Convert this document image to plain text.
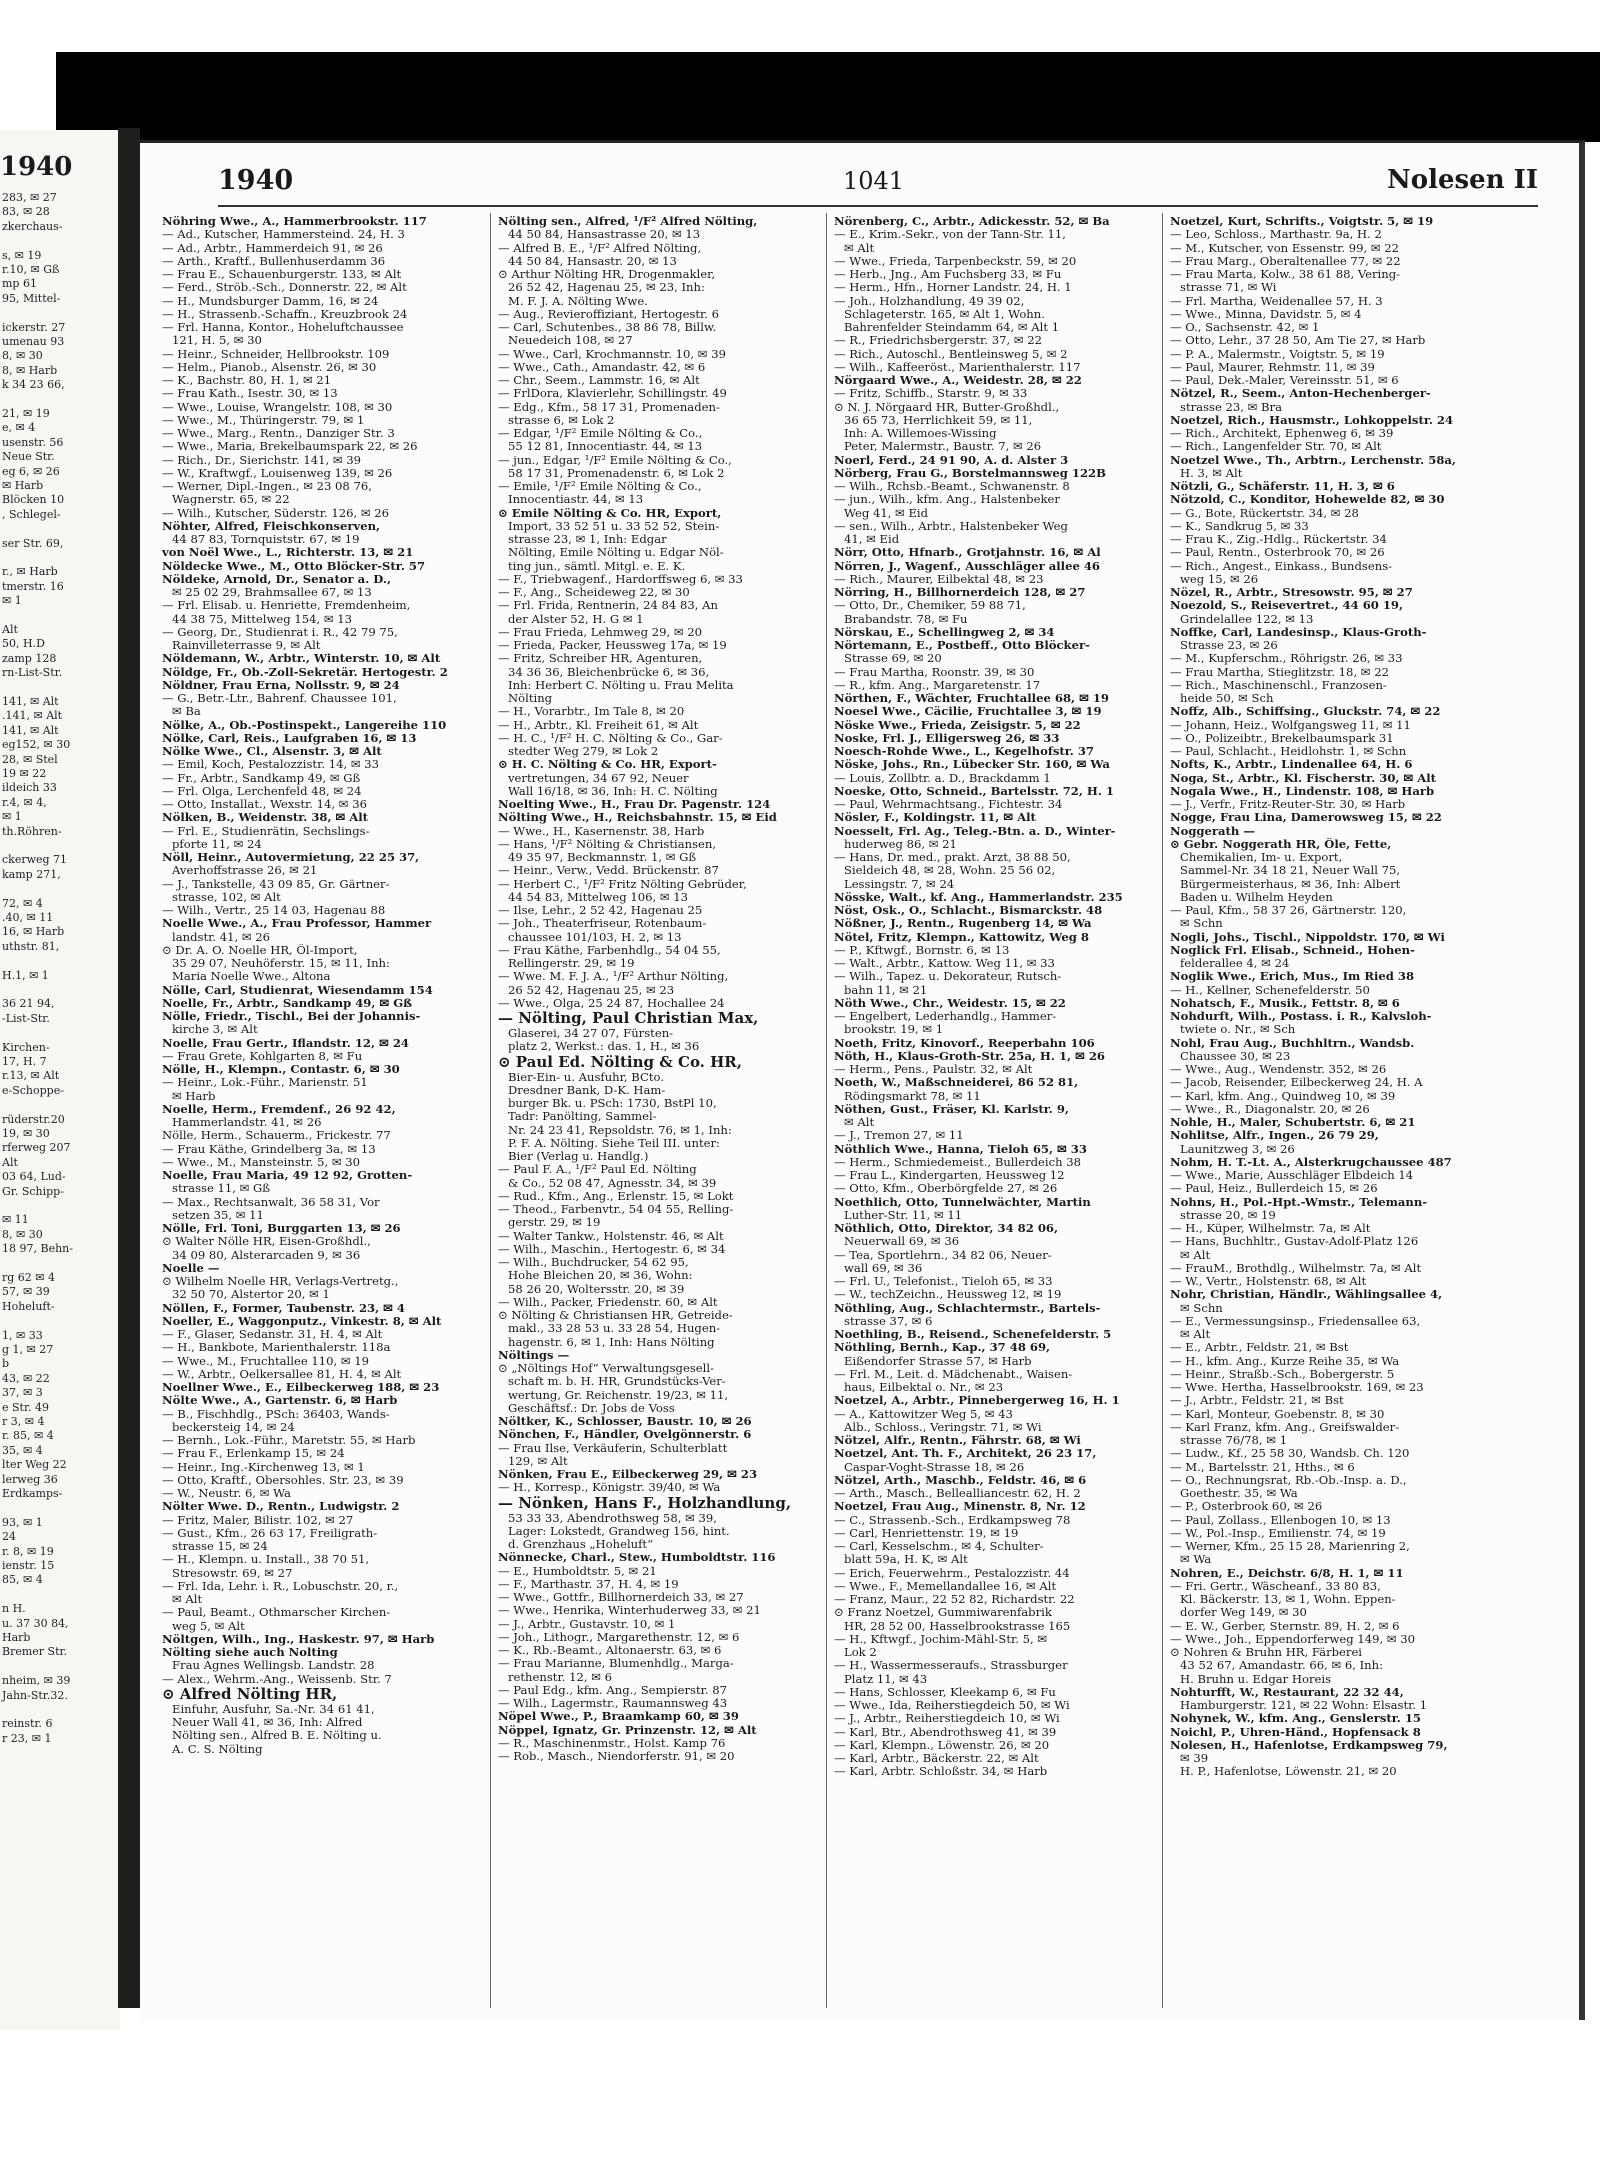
1940
283, ✉ 27
83, ✉ 28
zkerchaus-
s, ✉ 19
r.10, ✉ Gß
mp 61
95, Mittel-
ickerstr. 27
umenau 93
8, ✉ 30
8, ✉ Harb
k 34 23 66,
21, ✉ 19
e, ✉ 4
usenstr. 56
Neue Str.
eg 6, ✉ 26
✉ Harb
Blöcken 10
, Schlegel-
ser Str. 69,
r., ✉ Harb
tmerstr. 16
✉ 1
Alt
50, H.D
zamp 128
rn-List-Str.
141, ✉ Alt
.141, ✉ Alt
141, ✉ Alt
eg152, ✉ 30
28, ✉ Stel
19 ✉ 22
ildeich 33
r.4, ✉ 4,
✉ 1
th.Röhren-
ckerweg 71
kamp 271,
72, ✉ 4
.40, ✉ 11
16, ✉ Harb
uthstr. 81,
H.1, ✉ 1
36 21 94,
-List-Str.
Kirchen-
17, H. 7
r.13, ✉ Alt
e-Schoppe-
rüderstr.20
19, ✉ 30
rferweg 207
Alt
03 64, Lud-
Gr. Schipp-
✉ 11
8, ✉ 30
18 97, Behn-
rg 62 ✉ 4
57, ✉ 39
Hoheluft-
1, ✉ 33
g 1, ✉ 27
b
43, ✉ 22
37, ✉ 3
e Str. 49
r 3, ✉ 4
r. 85, ✉ 4
35, ✉ 4
lter Weg 22
lerweg 36
Erdkamps-
93, ✉ 1
24
r. 8, ✉ 19
ienstr. 15
85, ✉ 4
n H.
u. 37 30 84,
Harb
Bremer Str.
nheim, ✉ 39
Jahn-Str.32.
reinstr. 6
r 23, ✉ 1
1940	1041	Nolesen II
Nöhring Wwe., A., Hammerbrookstr. 117
— Ad., Kutscher, Hammersteind. 24, H. 3
— Ad., Arbtr., Hammerdeich 91, ✉ 26
— Arth., Kraftf., Bullenhuserdamm 36
— Frau E., Schauenburgerstr. 133, ✉ Alt
— Ferd., Ströb.-Sch., Donnerstr. 22, ✉ Alt
— H., Mundsburger Damm, 16, ✉ 24
— H., Strassenb.-Schaffn., Kreuzbrook 24
— Frl. Hanna, Kontor., Hoheluftchaussee
121, H. 5, ✉ 30
— Heinr., Schneider, Hellbrookstr. 109
— Helm., Pianob., Alsenstr. 26, ✉ 30
— K., Bachstr. 80, H. 1, ✉ 21
— Frau Kath., Isestr. 30, ✉ 13
— Wwe., Louise, Wrangelstr. 108, ✉ 30
— Wwe., M., Thüringerstr. 79, ✉ 1
— Wwe., Marg., Rentn., Danziger Str. 3
— Wwe., Maria, Brekelbaumspark 22, ✉ 26
— Rich., Dr., Sierichstr. 141, ✉ 39
— W., Kraftwgf., Louisenweg 139, ✉ 26
— Werner, Dipl.-Ingen., ✉ 23 08 76,
Wagnerstr. 65, ✉ 22
— Wilh., Kutscher, Süderstr. 126, ✉ 26
Nöhter, Alfred, Fleischkonserven,
44 87 83, Tornquiststr. 67, ✉ 19
von Noël Wwe., L., Richterstr. 13, ✉ 21
Nöldecke Wwe., M., Otto Blöcker-Str. 57
Nöldeke, Arnold, Dr., Senator a. D.,
✉ 25 02 29, Brahmsallee 67, ✉ 13
— Frl. Elisab. u. Henriette, Fremdenheim,
44 38 75, Mittelweg 154, ✉ 13
— Georg, Dr., Studienrat i. R., 42 79 75,
Rainvilleterrasse 9, ✉ Alt
Nöldemann, W., Arbtr., Winterstr. 10, ✉ Alt
Nöldge, Fr., Ob.-Zoll-Sekretär. Hertogestr. 2
Nöldner, Frau Erna, Nollsstr. 9, ✉ 24
— G., Betr.-Ltr., Bahrenf. Chaussee 101,
✉ Ba
Nölke, A., Ob.-Postinspekt., Langereihe 110
Nölke, Carl, Reis., Laufgraben 16, ✉ 13
Nölke Wwe., Cl., Alsenstr. 3, ✉ Alt
— Emil, Koch, Pestalozzistr. 14, ✉ 33
— Fr., Arbtr., Sandkamp 49, ✉ Gß
— Frl. Olga, Lerchenfeld 48, ✉ 24
— Otto, Installat., Wexstr. 14, ✉ 36
Nölken, B., Weidenstr. 38, ✉ Alt
— Frl. E., Studienrätin, Sechslings-
pforte 11, ✉ 24
Nöll, Heinr., Autovermietung, 22 25 37,
Averhoffstrasse 26, ✉ 21
— J., Tankstelle, 43 09 85, Gr. Gärtner-
strasse, 102, ✉ Alt
— Wilh., Vertr., 25 14 03, Hagenau 88
Noelle Wwe., A., Frau Professor, Hammer
landstr. 41, ✉ 26
⊙ Dr. A. O. Noelle HR, Öl-Import,
35 29 07, Neuhöferstr. 15, ✉ 11, Inh:
Maria Noelle Wwe., Altona
Nölle, Carl, Studienrat, Wiesendamm 154
Noelle, Fr., Arbtr., Sandkamp 49, ✉ Gß
Nölle, Friedr., Tischl., Bei der Johannis-
kirche 3, ✉ Alt
Noelle, Frau Gertr., Iflandstr. 12, ✉ 24
— Frau Grete, Kohlgarten 8, ✉ Fu
Nölle, H., Klempn., Contastr. 6, ✉ 30
— Heinr., Lok.-Führ., Marienstr. 51
✉ Harb
Noelle, Herm., Fremdenf., 26 92 42,
Hammerlandstr. 41, ✉ 26
Nölle, Herm., Schauerm., Frickestr. 77
— Frau Käthe, Grindelberg 3a, ✉ 13
— Wwe., M., Mansteinstr. 5, ✉ 30
Noelle, Frau Maria, 49 12 92, Grotten-
strasse 11, ✉ Gß
— Max., Rechtsanwalt, 36 58 31, Vor
setzen 35, ✉ 11
Nölle, Frl. Toni, Burggarten 13, ✉ 26
⊙ Walter Nölle HR, Eisen-Großhdl.,
34 09 80, Alsterarcaden 9, ✉ 36
Noelle —
⊙ Wilhelm Noelle HR, Verlags-Vertretg.,
32 50 70, Alstertor 20, ✉ 1
Nöllen, F., Former, Taubenstr. 23, ✉ 4
Noeller, E., Waggonputz., Vinkestr. 8, ✉ Alt
— F., Glaser, Sedanstr. 31, H. 4, ✉ Alt
— H., Bankbote, Marienthalerstr. 118a
— Wwe., M., Fruchtallee 110, ✉ 19
— W., Arbtr., Oelkersallee 81, H. 4, ✉ Alt
Noellner Wwe., E., Eilbeckerweg 188, ✉ 23
Nölte Wwe., A., Gartenstr. 6, ✉ Harb
— B., Fischhdlg., PSch: 36403, Wands-
beckersteig 14, ✉ 24
— Bernh., Lok.-Führ., Maretstr. 55, ✉ Harb
— Frau F., Erlenkamp 15, ✉ 24
— Heinr., Ing.-Kirchenweg 13, ✉ 1
— Otto, Kraftf., Obersohles. Str. 23, ✉ 39
— W., Neustr. 6, ✉ Wa
Nölter Wwe. D., Rentn., Ludwigstr. 2
— Fritz, Maler, Bilistr. 102, ✉ 27
— Gust., Kfm., 26 63 17, Freiligrath-
strasse 15, ✉ 24
— H., Klempn. u. Install., 38 70 51,
Stresowstr. 69, ✉ 27
— Frl. Ida, Lehr. i. R., Lobuschstr. 20, r.,
✉ Alt
— Paul, Beamt., Othmarscher Kirchen-
weg 5, ✉ Alt
Nöltgen, Wilh., Ing., Haskestr. 97, ✉ Harb
Nölting siehe auch Nolting
Frau Agnes Wellingsb. Landstr. 28
— Alex., Wehrm.-Ang., Weissenb. Str. 7
⊙ Alfred Nölting HR,
Einfuhr, Ausfuhr, Sa.-Nr. 34 61 41,
Neuer Wall 41, ✉ 36, Inh: Alfred
Nölting sen., Alfred B. E. Nölting u.
A. C. S. Nölting
Nölting sen., Alfred, ¹/F² Alfred Nölting,
44 50 84, Hansastrasse 20, ✉ 13
— Alfred B. E., ¹/F² Alfred Nölting,
44 50 84, Hansastr. 20, ✉ 13
⊙ Arthur Nölting HR, Drogenmakler,
26 52 42, Hagenau 25, ✉ 23, Inh:
M. F. J. A. Nölting Wwe.
— Aug., Revieroffiziant, Hertogestr. 6
— Carl, Schutenbes., 38 86 78, Billw.
Neuedeich 108, ✉ 27
— Wwe., Carl, Krochmannstr. 10, ✉ 39
— Wwe., Cath., Amandastr. 42, ✉ 6
— Chr., Seem., Lammstr. 16, ✉ Alt
— FrlDora, Klavierlehr, Schillingstr. 49
— Edg., Kfm., 58 17 31, Promenaden-
strasse 6, ✉ Lok 2
— Edgar, ¹/F² Emile Nölting & Co.,
55 12 81, Innocentiastr. 44, ✉ 13
— jun., Edgar, ¹/F² Emile Nölting & Co.,
58 17 31, Promenadenstr. 6, ✉ Lok 2
— Emile, ¹/F² Emile Nölting & Co.,
Innocentiastr. 44, ✉ 13
⊙ Emile Nölting & Co. HR, Export,
Import, 33 52 51 u. 33 52 52, Stein-
strasse 23, ✉ 1, Inh: Edgar
Nölting, Emile Nölting u. Edgar Nöl-
ting jun., sämtl. Mitgl. e. E. K.
— F., Triebwagenf., Hardorffsweg 6, ✉ 33
— F., Ang., Scheideweg 22, ✉ 30
— Frl. Frida, Rentnerin, 24 84 83, An
der Alster 52, H. G ✉ 1
— Frau Frieda, Lehmweg 29, ✉ 20
— Frieda, Packer, Heussweg 17a, ✉ 19
— Fritz, Schreiber HR, Agenturen,
34 36 36, Bleichenbrücke 6, ✉ 36,
Inh: Herbert C. Nölting u. Frau Melita
Nölting
— H., Vorarbtr., Im Tale 8, ✉ 20
— H., Arbtr., Kl. Freiheit 61, ✉ Alt
— H. C., ¹/F² H. C. Nölting & Co., Gar-
stedter Weg 279, ✉ Lok 2
⊙ H. C. Nölting & Co. HR, Export-
vertretungen, 34 67 92, Neuer
Wall 16/18, ✉ 36, Inh: H. C. Nölting
Noelting Wwe., H., Frau Dr. Pagenstr. 124
Nölting Wwe., H., Reichsbahnstr. 15, ✉ Eid
— Wwe., H., Kasernenstr. 38, Harb
— Hans, ¹/F² Nölting & Christiansen,
49 35 97, Beckmannstr. 1, ✉ Gß
— Heinr., Verw., Vedd. Brückenstr. 87
— Herbert C., ¹/F² Fritz Nölting Gebrüder,
44 54 83, Mittelweg 106, ✉ 13
— Ilse, Lehr., 2 52 42, Hagenau 25
— Joh., Theaterfriseur, Rotenbaum-
chaussee 101/103, H. 2, ✉ 13
— Frau Käthe, Farbenhdlg., 54 04 55,
Rellingerstr. 29, ✉ 19
— Wwe. M. F. J. A., ¹/F² Arthur Nölting,
26 52 42, Hagenau 25, ✉ 23
— Wwe., Olga, 25 24 87, Hochallee 24
— Nölting, Paul Christian Max,
Glaserei, 34 27 07, Fürsten-
platz 2, Werkst.: das. 1, H., ✉ 36
⊙ Paul Ed. Nölting & Co. HR,
Bier-Ein- u. Ausfuhr, BCto.
Dresdner Bank, D-K. Ham-
burger Bk. u. PSch: 1730, BstPl 10,
Tadr: Panölting, Sammel-
Nr. 24 23 41, Repsoldstr. 76, ✉ 1, Inh:
P. F. A. Nölting. Siehe Teil III. unter:
Bier (Verlag u. Handlg.)
— Paul F. A., ¹/F² Paul Ed. Nölting
& Co., 52 08 47, Agnesstr. 34, ✉ 39
— Rud., Kfm., Ang., Erlenstr. 15, ✉ Lokt
— Theod., Farbenvtr., 54 04 55, Relling-
gerstr. 29, ✉ 19
— Walter Tankw., Holstenstr. 46, ✉ Alt
— Wilh., Maschin., Hertogestr. 6, ✉ 34
— Wilh., Buchdrucker, 54 62 95,
Hohe Bleichen 20, ✉ 36, Wohn:
58 26 20, Woltersstr. 20, ✉ 39
— Wilh., Packer, Friedenstr. 60, ✉ Alt
⊙ Nölting & Christiansen HR, Getreide-
makl., 33 28 53 u. 33 28 54, Hugen-
hagenstr. 6, ✉ 1, Inh: Hans Nölting
Nöltings —
⊙ „Nöltings Hof“ Verwaltungsgesell-
schaft m. b. H. HR, Grundstücks-Ver-
wertung, Gr. Reichenstr. 19/23, ✉ 11,
Geschäftsf.: Dr. Jobs de Voss
Nöltker, K., Schlosser, Baustr. 10, ✉ 26
Nönchen, F., Händler, Ovelgönnerstr. 6
— Frau Ilse, Verkäuferin, Schulterblatt
129, ✉ Alt
Nönken, Frau E., Eilbeckerweg 29, ✉ 23
— H., Korresp., Königstr. 39/40, ✉ Wa
— Nönken, Hans F., Holzhandlung,
53 33 33, Abendrothsweg 58, ✉ 39,
Lager: Lokstedt, Grandweg 156, hint.
d. Grenzhaus „Hoheluft“
Nönnecke, Charl., Stew., Humboldtstr. 116
— E., Humboldtstr. 5, ✉ 21
— F., Marthastr. 37, H. 4, ✉ 19
— Wwe., Gottfr., Billhornerdeich 33, ✉ 27
— Wwe., Henrika, Winterhuderweg 33, ✉ 21
— J., Arbtr., Gustavstr. 10, ✉ 1
— Joh., Lithogr., Margarethenstr. 12, ✉ 6
— K., Rb.-Beamt., Altonaerstr. 63, ✉ 6
— Frau Marianne, Blumenhdlg., Marga-
rethenstr. 12, ✉ 6
— Paul Edg., kfm. Ang., Sempierstr. 87
— Wilh., Lagermstr., Raumannsweg 43
Nöpel Wwe., P., Braamkamp 60, ✉ 39
Nöppel, Ignatz, Gr. Prinzenstr. 12, ✉ Alt
— R., Maschinenmstr., Holst. Kamp 76
— Rob., Masch., Niendorferstr. 91, ✉ 20
Nörenberg, C., Arbtr., Adickesstr. 52, ✉ Ba
— E., Krim.-Sekr., von der Tann-Str. 11,
✉ Alt
— Wwe., Frieda, Tarpenbeckstr. 59, ✉ 20
— Herb., Jng., Am Fuchsberg 33, ✉ Fu
— Herm., Hfn., Horner Landstr. 24, H. 1
— Joh., Holzhandlung, 49 39 02,
Schlageterstr. 165, ✉ Alt 1, Wohn.
Bahrenfelder Steindamm 64, ✉ Alt 1
— R., Friedrichsbergerstr. 37, ✉ 22
— Rich., Autoschl., Bentleinsweg 5, ✉ 2
— Wilh., Kaffeeröst., Marienthalerstr. 117
Nörgaard Wwe., A., Weidestr. 28, ✉ 22
— Fritz, Schiffb., Starstr. 9, ✉ 33
⊙ N. J. Nörgaard HR, Butter-Großhdl.,
36 65 73, Herrlichkeit 59, ✉ 11,
Inh: A. Willemoes-Wissing
Peter, Malermstr., Baustr. 7, ✉ 26
Noerl, Ferd., 24 91 90, A. d. Alster 3
Nörberg, Frau G., Borstelmannsweg 122B
— Wilh., Rchsb.-Beamt., Schwanenstr. 8
— jun., Wilh., kfm. Ang., Halstenbeker
Weg 41, ✉ Eid
— sen., Wilh., Arbtr., Halstenbeker Weg
41, ✉ Eid
Nörr, Otto, Hfnarb., Grotjahnstr. 16, ✉ Al
Nörren, J., Wagenf., Ausschläger allee 46
— Rich., Maurer, Eilbektal 48, ✉ 23
Nörring, H., Billhornerdeich 128, ✉ 27
— Otto, Dr., Chemiker, 59 88 71,
Brabandstr. 78, ✉ Fu
Nörskau, E., Schellingweg 2, ✉ 34
Nörtemann, E., Postbeff., Otto Blöcker-
Strasse 69, ✉ 20
— Frau Martha, Roonstr. 39, ✉ 30
— R., kfm. Ang., Margaretenstr. 17
Nörthen, F., Wächter, Fruchtallee 68, ✉ 19
Noesel Wwe., Cäcilie, Fruchtallee 3, ✉ 19
Nöske Wwe., Frieda, Zeisigstr. 5, ✉ 22
Noske, Frl. J., Elligersweg 26, ✉ 33
Noesch-Rohde Wwe., L., Kegelhofstr. 37
Nöske, Johs., Rn., Lübecker Str. 160, ✉ Wa
— Louis, Zollbtr. a. D., Brackdamm 1
Noeske, Otto, Schneid., Bartelsstr. 72, H. 1
— Paul, Wehrmachtsang., Fichtestr. 34
Nösler, F., Koldingstr. 11, ✉ Alt
Noesselt, Frl. Ag., Teleg.-Btn. a. D., Winter-
huderweg 86, ✉ 21
— Hans, Dr. med., prakt. Arzt, 38 88 50,
Sieldeich 48, ✉ 28, Wohn. 25 56 02,
Lessingstr. 7, ✉ 24
Nösske, Walt., kf. Ang., Hammerlandstr. 235
Nöst, Osk., O., Schlacht., Bismarckstr. 48
Nößner, J., Rentn., Rugenberg 14, ✉ Wa
Nötel, Fritz, Klempn., Kattowitz, Weg 8
— P., Kftwgf., Bornstr. 6, ✉ 13
— Walt., Arbtr., Kattow. Weg 11, ✉ 33
— Wilh., Tapez. u. Dekorateur, Rutsch-
bahn 11, ✉ 21
Nöth Wwe., Chr., Weidestr. 15, ✉ 22
— Engelbert, Lederhandlg., Hammer-
brookstr. 19, ✉ 1
Noeth, Fritz, Kinovorf., Reeperbahn 106
Nöth, H., Klaus-Groth-Str. 25a, H. 1, ✉ 26
— Herm., Pens., Paulstr. 32, ✉ Alt
Noeth, W., Maßschneiderei, 86 52 81,
Rödingsmarkt 78, ✉ 11
Nöthen, Gust., Fräser, Kl. Karlstr. 9,
✉ Alt
— J., Tremon 27, ✉ 11
Nöthlich Wwe., Hanna, Tieloh 65, ✉ 33
— Herm., Schmiedemeist., Bullerdeich 38
— Frau L., Kindergarten, Heussweg 12
— Otto, Kfm., Oberbörgfelde 27, ✉ 26
Noethlich, Otto, Tunnelwächter, Martin
Luther-Str. 11, ✉ 11
Nöthlich, Otto, Direktor, 34 82 06,
Neuerwall 69, ✉ 36
— Tea, Sportlehrn., 34 82 06, Neuer-
wall 69, ✉ 36
— Frl. U., Telefonist., Tieloh 65, ✉ 33
— W., techZeichn., Heussweg 12, ✉ 19
Nöthling, Aug., Schlachtermstr., Bartels-
strasse 37, ✉ 6
Noethling, B., Reisend., Schenefelderstr. 5
Nöthling, Bernh., Kap., 37 48 69,
Eißendorfer Strasse 57, ✉ Harb
— Frl. M., Leit. d. Mädchenabt., Waisen-
haus, Eilbektal o. Nr., ✉ 23
Noetzel, A., Arbtr., Pinnebergerweg 16, H. 1
— A., Kattowitzer Weg 5, ✉ 43
Alb., Schloss., Veringstr. 71, ✉ Wi
Nötzel, Alfr., Rentn., Fährstr. 68, ✉ Wi
Noetzel, Ant. Th. F., Architekt, 26 23 17,
Caspar-Voght-Strasse 18, ✉ 26
Nötzel, Arth., Maschb., Feldstr. 46, ✉ 6
— Arth., Masch., Bellealliancestr. 62, H. 2
Noetzel, Frau Aug., Minenstr. 8, Nr. 12
— C., Strassenb.-Sch., Erdkampsweg 78
— Carl, Henriettenstr. 19, ✉ 19
— Carl, Kesselschm., ✉ 4, Schulter-
blatt 59a, H. K, ✉ Alt
— Erich, Feuerwehrm., Pestalozzistr. 44
— Wwe., F., Memellandallee 16, ✉ Alt
— Franz, Maur., 22 52 82, Richardstr. 22
⊙ Franz Noetzel, Gummiwarenfabrik
HR, 28 52 00, Hasselbrookstrasse 165
— H., Kftwgf., Jochim-Mähl-Str. 5, ✉
Lok 2
— H., Wassermesseraufs., Strassburger
Platz 11, ✉ 43
— Hans, Schlosser, Kleekamp 6, ✉ Fu
— Wwe., Ida, Reiherstiegdeich 50, ✉ Wi
— J., Arbtr., Reiherstiegdeich 10, ✉ Wi
— Karl, Btr., Abendrothsweg 41, ✉ 39
— Karl, Klempn., Löwenstr. 26, ✉ 20
— Karl, Arbtr., Bäckerstr. 22, ✉ Alt
— Karl, Arbtr. Schloßstr. 34, ✉ Harb
Noetzel, Kurt, Schrifts., Voigtstr. 5, ✉ 19
— Leo, Schloss., Marthastr. 9a, H. 2
— M., Kutscher, von Essenstr. 99, ✉ 22
— Frau Marg., Oberaltenallee 77, ✉ 22
— Frau Marta, Kolw., 38 61 88, Vering-
strasse 71, ✉ Wi
— Frl. Martha, Weidenallee 57, H. 3
— Wwe., Minna, Davidstr. 5, ✉ 4
— O., Sachsenstr. 42, ✉ 1
— Otto, Lehr., 37 28 50, Am Tie 27, ✉ Harb
— P. A., Malermstr., Voigtstr. 5, ✉ 19
— Paul, Maurer, Rehmstr. 11, ✉ 39
— Paul, Dek.-Maler, Vereinsstr. 51, ✉ 6
Nötzel, R., Seem., Anton-Hechenberger-
strasse 23, ✉ Bra
Noetzel, Rich., Hausmstr., Lohkoppelstr. 24
— Rich., Architekt, Ephenweg 6, ✉ 39
— Rich., Langenfelder Str. 70, ✉ Alt
Noetzel Wwe., Th., Arbtrn., Lerchenstr. 58a,
H. 3, ✉ Alt
Nötzli, G., Schäferstr. 11, H. 3, ✉ 6
Nötzold, C., Konditor, Hohewelde 82, ✉ 30
— G., Bote, Rückertstr. 34, ✉ 28
— K., Sandkrug 5, ✉ 33
— Frau K., Zig.-Hdlg., Rückertstr. 34
— Paul, Rentn., Osterbrook 70, ✉ 26
— Rich., Angest., Einkass., Bundsens-
weg 15, ✉ 26
Nözel, R., Arbtr., Stresowstr. 95, ✉ 27
Noezold, S., Reisevertret., 44 60 19,
Grindelallee 122, ✉ 13
Noffke, Carl, Landesinsp., Klaus-Groth-
Strasse 23, ✉ 26
— M., Kupferschm., Röhrigstr. 26, ✉ 33
— Frau Martha, Stieglitzstr. 18, ✉ 22
— Rich., Maschinenschl., Franzosen-
heide 50, ✉ Sch
Noffz, Alb., Schiffsing., Gluckstr. 74, ✉ 22
— Johann, Heiz., Wolfgangsweg 11, ✉ 11
— O., Polizeibtr., Brekelbaumspark 31
— Paul, Schlacht., Heidlohstr. 1, ✉ Schn
Nofts, K., Arbtr., Lindenallee 64, H. 6
Noga, St., Arbtr., Kl. Fischerstr. 30, ✉ Alt
Nogala Wwe., H., Lindenstr. 108, ✉ Harb
— J., Verfr., Fritz-Reuter-Str. 30, ✉ Harb
Nogge, Frau Lina, Damerowsweg 15, ✉ 22
Noggerath —
⊙ Gebr. Noggerath HR, Öle, Fette,
Chemikalien, Im- u. Export,
Sammel-Nr. 34 18 21, Neuer Wall 75,
Bürgermeisterhaus, ✉ 36, Inh: Albert
Baden u. Wilhelm Heyden
— Paul, Kfm., 58 37 26, Gärtnerstr. 120,
✉ Schn
Nogli, Johs., Tischl., Nippoldstr. 170, ✉ Wi
Noglick Frl. Elisab., Schneid., Hohen-
felderallee 4, ✉ 24
Noglik Wwe., Erich, Mus., Im Ried 38
— H., Kellner, Schenefelderstr. 50
Nohatsch, F., Musik., Fettstr. 8, ✉ 6
Nohdurft, Wilh., Postass. i. R., Kalvsloh-
twiete o. Nr., ✉ Sch
Nohl, Frau Aug., Buchhltrn., Wandsb.
Chaussee 30, ✉ 23
— Wwe., Aug., Wendenstr. 352, ✉ 26
— Jacob, Reisender, Eilbeckerweg 24, H. A
— Karl, kfm. Ang., Quindweg 10, ✉ 39
— Wwe., R., Diagonalstr. 20, ✉ 26
Nohle, H., Maler, Schubertstr. 6, ✉ 21
Nohlitse, Alfr., Ingen., 26 79 29,
Launitzweg 3, ✉ 26
Nohm, H. T.-Lt. A., Alsterkrugchaussee 487
— Wwe., Marie, Ausschläger Elbdeich 14
— Paul, Heiz., Bullerdeich 15, ✉ 26
Nohns, H., Pol.-Hpt.-Wmstr., Telemann-
strasse 20, ✉ 19
— H., Küper, Wilhelmstr. 7a, ✉ Alt
— Hans, Buchhltr., Gustav-Adolf-Platz 126
✉ Alt
— FrauM., Brothdlg., Wilhelmstr. 7a, ✉ Alt
— W., Vertr., Holstenstr. 68, ✉ Alt
Nohr, Christian, Händlr., Wählingsallee 4,
✉ Schn
— E., Vermessungsinsp., Friedensallee 63,
✉ Alt
— E., Arbtr., Feldstr. 21, ✉ Bst
— H., kfm. Ang., Kurze Reihe 35, ✉ Wa
— Heinr., Straßb.-Sch., Bobergerstr. 5
— Wwe. Hertha, Hasselbrookstr. 169, ✉ 23
— J., Arbtr., Feldstr. 21, ✉ Bst
— Karl, Monteur, Goebenstr. 8, ✉ 30
— Karl Franz, kfm. Ang., Greifswalder-
strasse 76/78, ✉ 1
— Ludw., Kf., 25 58 30, Wandsb. Ch. 120
— M., Bartelsstr. 21, Hths., ✉ 6
— O., Rechnungsrat, Rb.-Ob.-Insp. a. D.,
Goethestr. 35, ✉ Wa
— P., Osterbrook 60, ✉ 26
— Paul, Zollass., Ellenbogen 10, ✉ 13
— W., Pol.-Insp., Emilienstr. 74, ✉ 19
— Werner, Kfm., 25 15 28, Marienring 2,
✉ Wa
Nohren, E., Deichstr. 6/8, H. 1, ✉ 11
— Fri. Gertr., Wäscheanf., 33 80 83,
Kl. Bäckerstr. 13, ✉ 1, Wohn. Eppen-
dorfer Weg 149, ✉ 30
— E. W., Gerber, Sternstr. 89, H. 2, ✉ 6
— Wwe., Joh., Eppendorferweg 149, ✉ 30
⊙ Nohren & Bruhn HR, Färberei
43 52 67, Amandastr. 66, ✉ 6, Inh:
H. Bruhn u. Edgar Horeis
Nohturfft, W., Restaurant, 22 32 44,
Hamburgerstr. 121, ✉ 22 Wohn: Elsastr. 1
Nohynek, W., kfm. Ang., Genslerstr. 15
Noichl, P., Uhren-Händ., Hopfensack 8
Nolesen, H., Hafenlotse, Erdkampsweg 79,
✉ 39
H. P., Hafenlotse, Löwenstr. 21, ✉ 20
